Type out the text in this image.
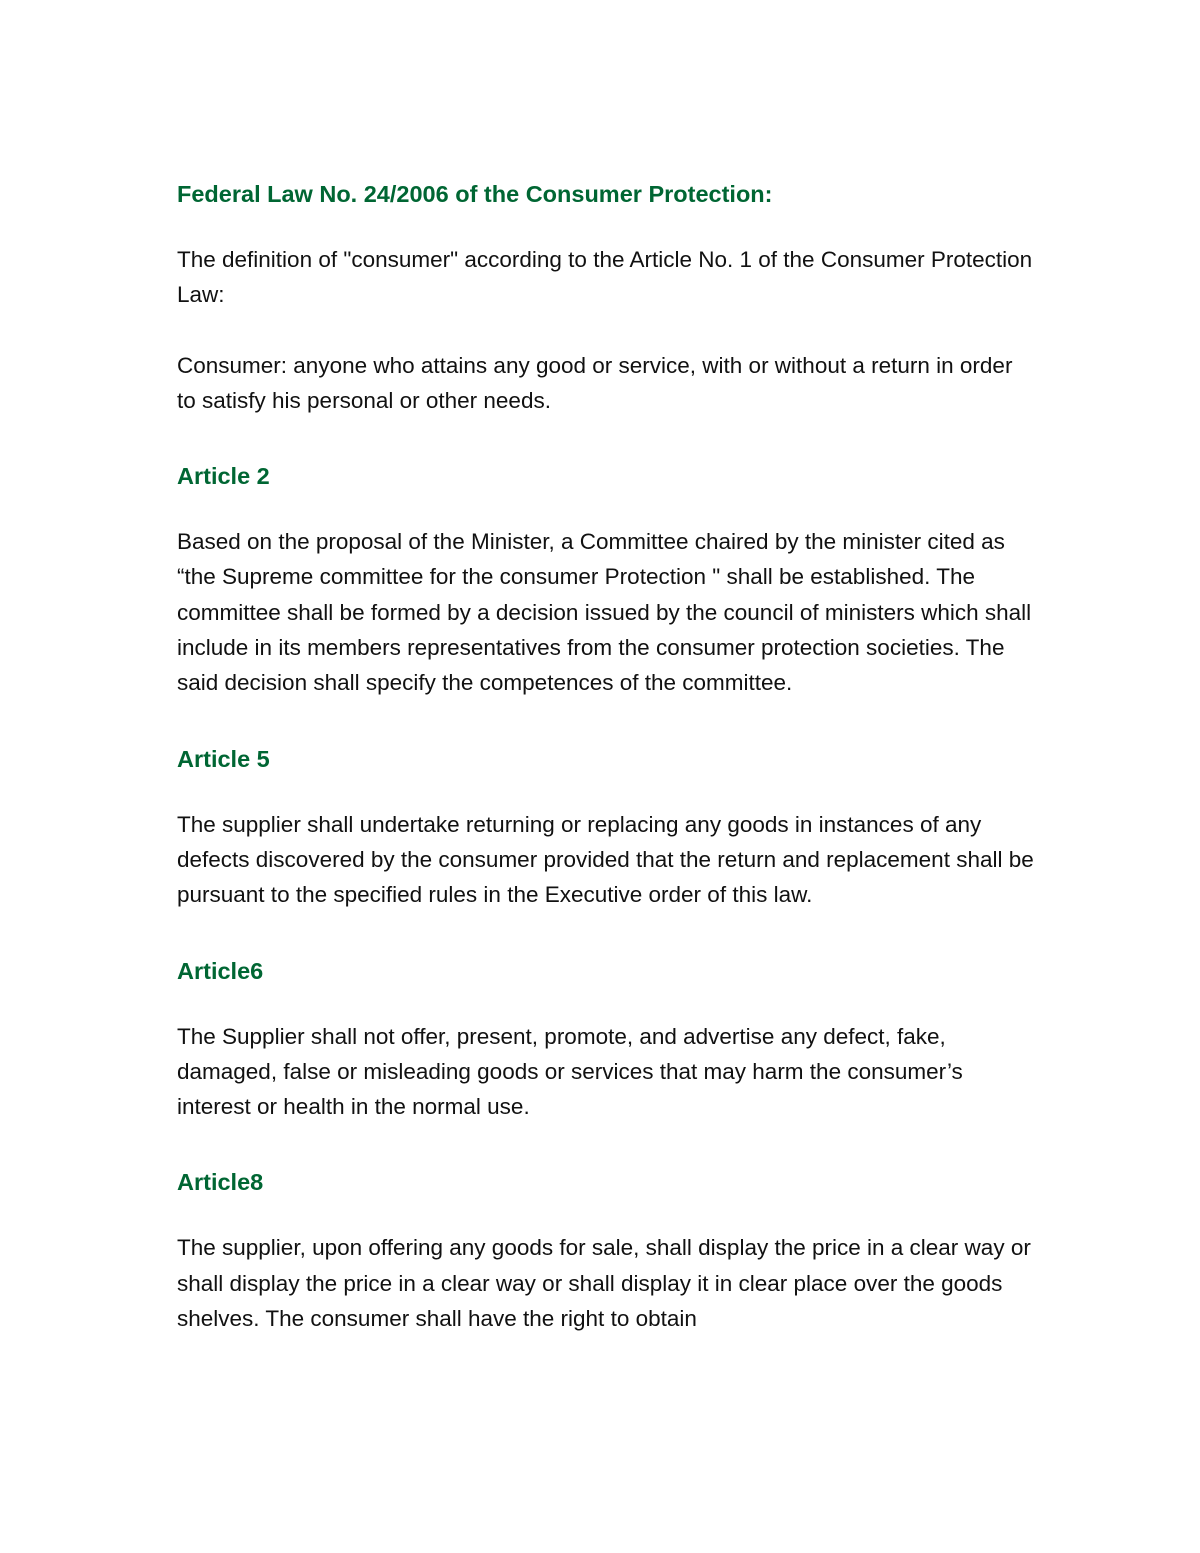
Federal Law No. 24/2006 of the Consumer Protection:

The definition of "consumer" according to the Article No. 1 of the Consumer Protection Law:

Consumer: anyone who attains any good or service, with or without a return in order to satisfy his personal or other needs.

Article 2

Based on the proposal of the Minister, a Committee chaired by the minister cited as “the Supreme committee for the consumer Protection " shall be established. The committee shall be formed by a decision issued by the council of ministers which shall include in its members representatives from the consumer protection societies. The said decision shall specify the competences of the committee.

Article 5

The supplier shall undertake returning or replacing any goods in instances of any defects discovered by the consumer provided that the return and replacement shall be pursuant to the specified rules in the Executive order of this law.

Article6

The Supplier shall not offer, present, promote, and advertise any defect, fake, damaged, false or misleading goods or services that may harm the consumer’s interest or health in the normal use.

Article8

The supplier, upon offering any goods for sale, shall display the price in a clear way or shall display the price in a clear way or shall display it in clear place over the goods shelves. The consumer shall have the right to obtain
